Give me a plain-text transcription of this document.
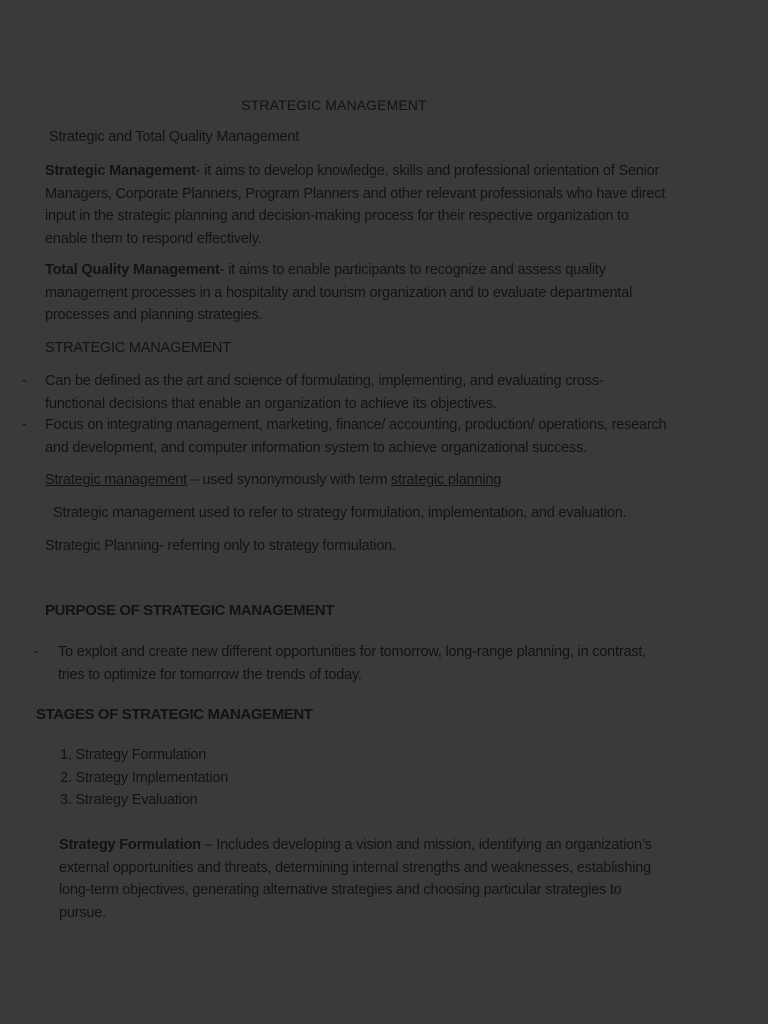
STRATEGIC MANAGEMENT
Strategic and Total Quality Management
Strategic Management- it aims to develop knowledge, skills and professional orientation of Senior Managers, Corporate Planners, Program Planners and other relevant professionals who have direct input in the strategic planning and decision-making process for their respective organization to enable them to respond effectively.
Total Quality Management- it aims to enable participants to recognize and assess quality management processes in a hospitality and tourism organization and to evaluate departmental processes and planning strategies.
STRATEGIC MANAGEMENT
- Can be defined as the art and science of formulating, implementing, and evaluating cross-functional decisions that enable an organization to achieve its objectives.
- Focus on integrating management, marketing, finance/ accounting, production/ operations, research and development, and computer information system to achieve organizational success.
Strategic management – used synonymously with term strategic planning
Strategic management used to refer to strategy formulation, implementation, and evaluation.
Strategic Planning- referring only to strategy formulation.
PURPOSE OF STRATEGIC MANAGEMENT
- To exploit and create new different opportunities for tomorrow, long-range planning, in contrast, tries to optimize for tomorrow the trends of today.
STAGES OF STRATEGIC MANAGEMENT
1, Strategy Formulation
2. Strategy Implementation
3. Strategy Evaluation
Strategy Formulation – Includes developing a vision and mission, identifying an organization’s external opportunities and threats, determining internal strengths and weaknesses, establishing long-term objectives, generating alternative strategies and choosing particular strategies to pursue.
